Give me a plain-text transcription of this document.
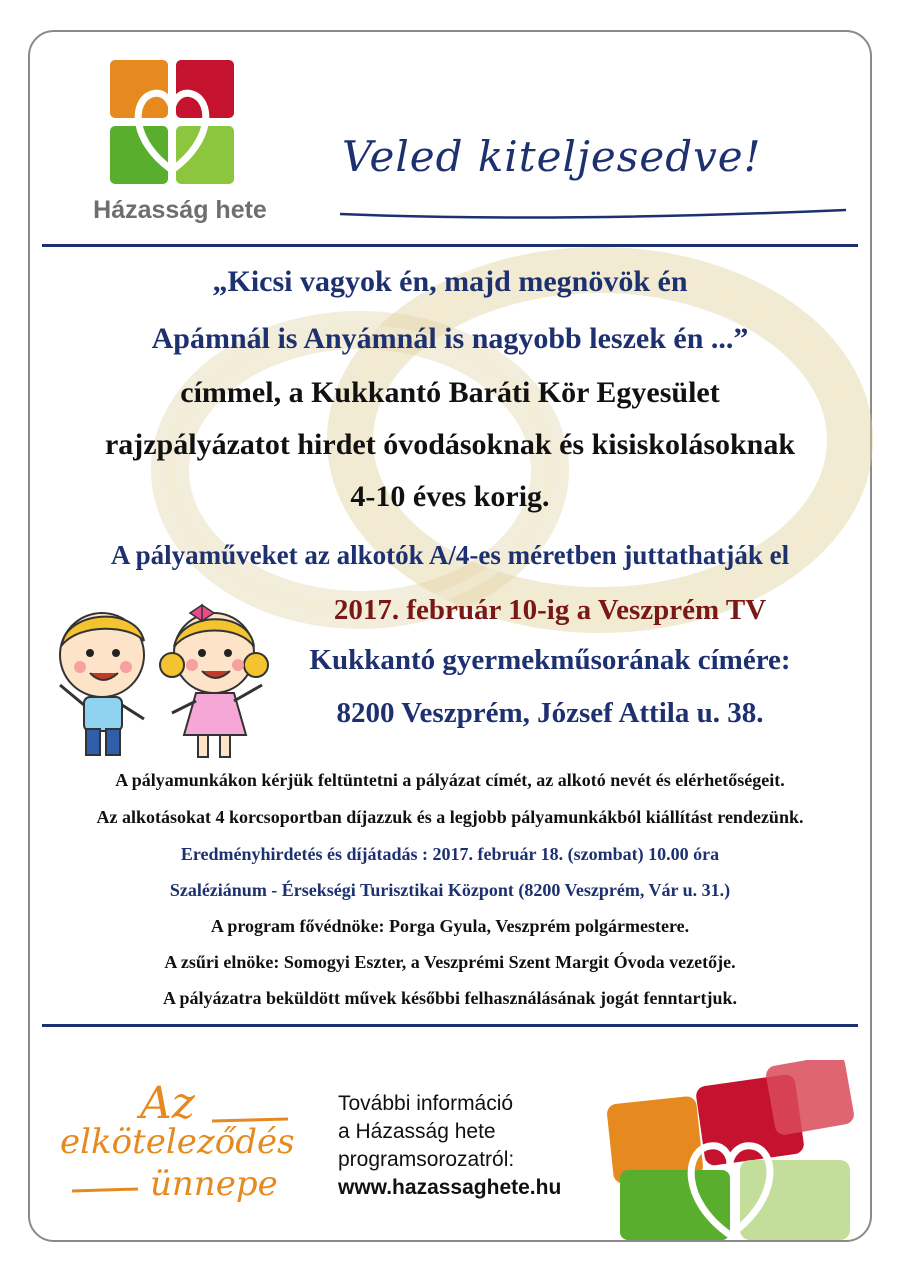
Házasság hete
Veled kiteljesedve!
„Kicsi vagyok én, majd megnövök én
Apámnál is Anyámnál is nagyobb leszek én ...”
címmel, a Kukkantó Baráti Kör Egyesület
rajzpályázatot hirdet óvodásoknak és kisiskolásoknak
4-10 éves korig.
A pályaműveket az alkotók A/4-es méretben juttathatják el
2017. február 10-ig a Veszprém TV
Kukkantó gyermekműsorának címére:
8200 Veszprém, József Attila u. 38.
A pályamunkákon kérjük feltüntetni a pályázat címét, az alkotó nevét és elérhetőségeit.
Az alkotásokat 4 korcsoportban díjazzuk és a legjobb pályamunkákból kiállítást rendezünk.
Eredményhirdetés és díjátadás : 2017. február 18. (szombat) 10.00 óra
Szaléziánum - Érsekségi Turisztikai Központ (8200 Veszprém, Vár u. 31.)
A program fővédnöke: Porga Gyula, Veszprém polgármestere.
A zsűri elnöke: Somogyi Eszter, a Veszprémi Szent Margit Óvoda vezetője.
A pályázatra beküldött művek későbbi felhasználásának jogát fenntartjuk.
Az
elköteleződés
ünnepe
További információ
a Házasság hete
programsorozatról:
www.hazassaghete.hu
